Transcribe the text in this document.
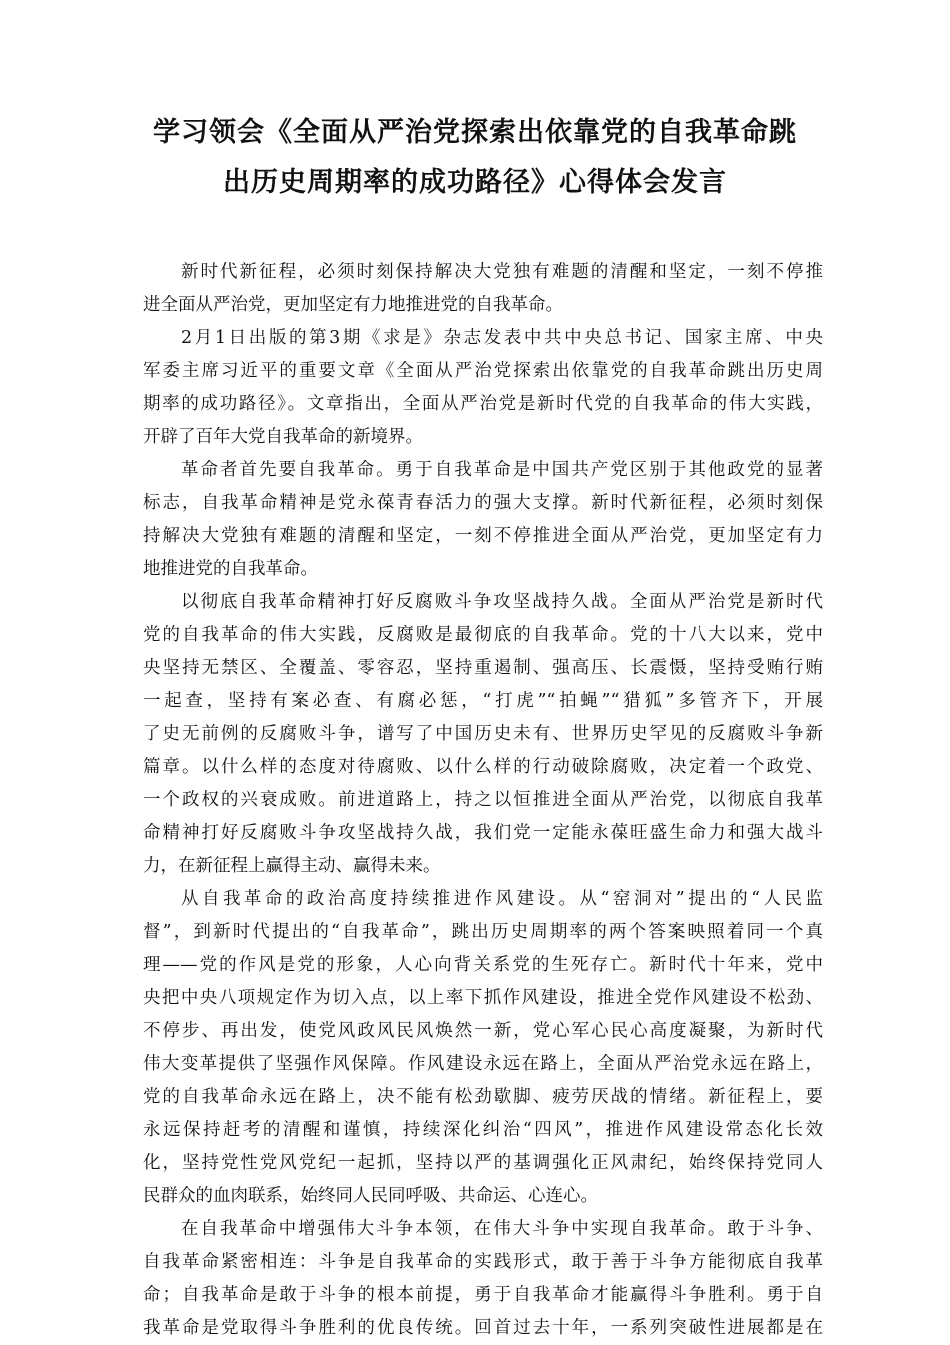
学习领会《全面从严治党探索出依靠党的自我革命跳
出历史周期率的成功路径》心得体会发言

新时代新征程，必须时刻保持解决大党独有难题的清醒和坚定，一刻不停推
进全面从严治党，更加坚定有力地推进党的自我革命。

2月1日出版的第3期《求是》杂志发表中共中央总书记、国家主席、中央
军委主席习近平的重要文章《全面从严治党探索出依靠党的自我革命跳出历史周
期率的成功路径》。文章指出，全面从严治党是新时代党的自我革命的伟大实践，
开辟了百年大党自我革命的新境界。

革命者首先要自我革命。勇于自我革命是中国共产党区别于其他政党的显著
标志，自我革命精神是党永葆青春活力的强大支撑。新时代新征程，必须时刻保
持解决大党独有难题的清醒和坚定，一刻不停推进全面从严治党，更加坚定有力
地推进党的自我革命。

以彻底自我革命精神打好反腐败斗争攻坚战持久战。全面从严治党是新时代
党的自我革命的伟大实践，反腐败是最彻底的自我革命。党的十八大以来，党中
央坚持无禁区、全覆盖、零容忍，坚持重遏制、强高压、长震慑，坚持受贿行贿
一起查，坚持有案必查、有腐必惩，“打虎”“拍蝇”“猎狐”多管齐下，开展
了史无前例的反腐败斗争，谱写了中国历史未有、世界历史罕见的反腐败斗争新
篇章。以什么样的态度对待腐败、以什么样的行动破除腐败，决定着一个政党、
一个政权的兴衰成败。前进道路上，持之以恒推进全面从严治党，以彻底自我革
命精神打好反腐败斗争攻坚战持久战，我们党一定能永葆旺盛生命力和强大战斗
力，在新征程上赢得主动、赢得未来。

从自我革命的政治高度持续推进作风建设。从“窑洞对”提出的“人民监
督”，到新时代提出的“自我革命”，跳出历史周期率的两个答案映照着同一个真
理——党的作风是党的形象，人心向背关系党的生死存亡。新时代十年来，党中
央把中央八项规定作为切入点，以上率下抓作风建设，推进全党作风建设不松劲、
不停步、再出发，使党风政风民风焕然一新，党心军心民心高度凝聚，为新时代
伟大变革提供了坚强作风保障。作风建设永远在路上，全面从严治党永远在路上，
党的自我革命永远在路上，决不能有松劲歇脚、疲劳厌战的情绪。新征程上，要
永远保持赶考的清醒和谨慎，持续深化纠治“四风”，推进作风建设常态化长效
化，坚持党性党风党纪一起抓，坚持以严的基调强化正风肃纪，始终保持党同人
民群众的血肉联系，始终同人民同呼吸、共命运、心连心。

在自我革命中增强伟大斗争本领，在伟大斗争中实现自我革命。敢于斗争、
自我革命紧密相连：斗争是自我革命的实践形式，敢于善于斗争方能彻底自我革
命；自我革命是敢于斗争的根本前提，勇于自我革命才能赢得斗争胜利。勇于自
我革命是党取得斗争胜利的优良传统。回首过去十年，一系列突破性进展都是在
